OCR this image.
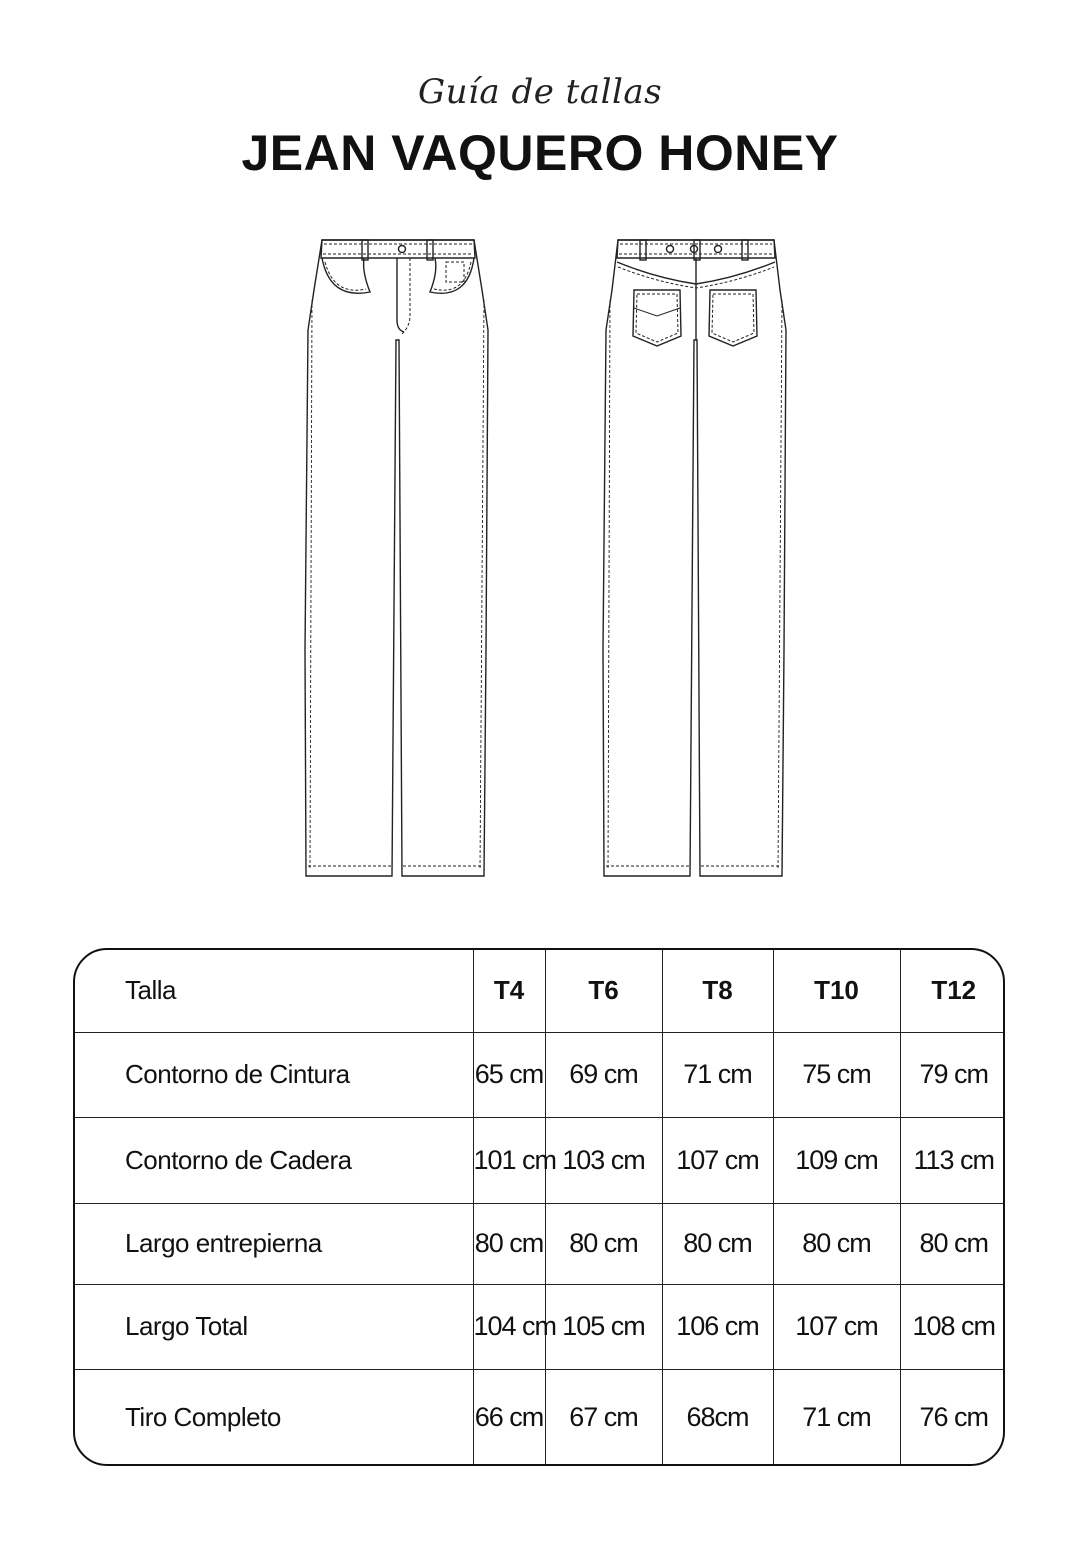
Guía de tallas
JEAN VAQUERO HONEY
Talla	T4	T6	T8	T10	T12
Contorno de Cintura	65 cm	69 cm	71 cm	75 cm	79 cm
Contorno de Cadera	101 cm	103 cm	107 cm	109 cm	113 cm
Largo entrepierna	80 cm	80 cm	80 cm	80 cm	80 cm
Largo Total	104 cm	105 cm	106 cm	107 cm	108 cm
Tiro Completo	66 cm	67 cm	68cm	71 cm	76 cm
